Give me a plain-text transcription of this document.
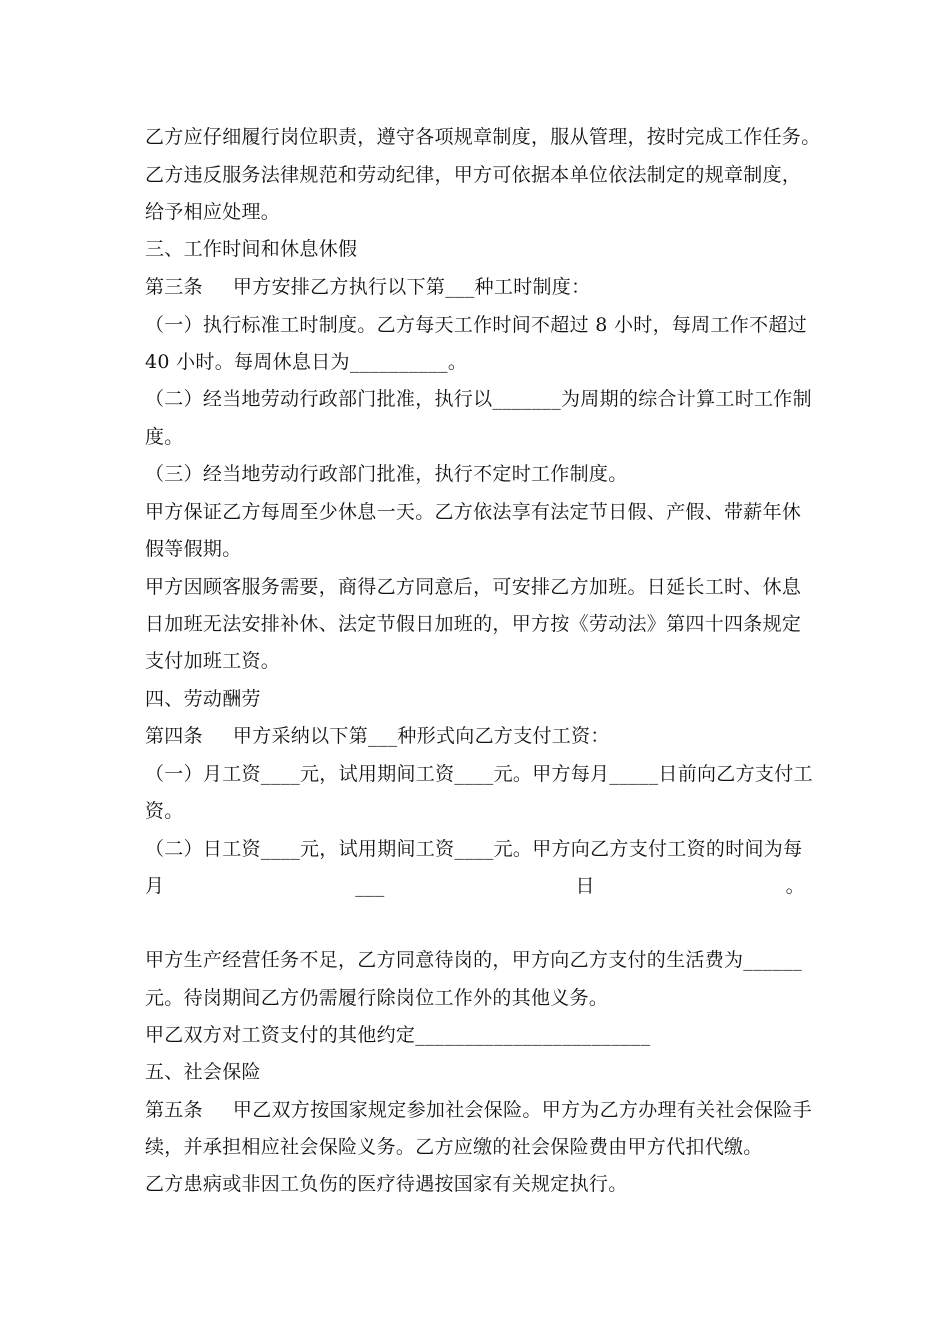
乙方应仔细履行岗位职责，遵守各项规章制度，服从管理，按时完成工作任务。
乙方违反服务法律规范和劳动纪律，甲方可依据本单位依法制定的规章制度，
给予相应处理。
三、工作时间和休息休假
第三条 甲方安排乙方执行以下第___种工时制度：
（一）执行标准工时制度。乙方每天工作时间不超过 8 小时，每周工作不超过
40 小时。每周休息日为__________。
（二）经当地劳动行政部门批准，执行以_______为周期的综合计算工时工作制
度。
（三）经当地劳动行政部门批准，执行不定时工作制度。
甲方保证乙方每周至少休息一天。乙方依法享有法定节日假、产假、带薪年休
假等假期。
甲方因顾客服务需要，商得乙方同意后，可安排乙方加班。日延长工时、休息
日加班无法安排补休、法定节假日加班的，甲方按《劳动法》第四十四条规定
支付加班工资。
四、劳动酬劳
第四条 甲方采纳以下第___种形式向乙方支付工资：
（一）月工资____元，试用期间工资____元。甲方每月_____日前向乙方支付工
资。
（二）日工资____元，试用期间工资____元。甲方向乙方支付工资的时间为每
月	___	日	。
甲方生产经营任务不足，乙方同意待岗的，甲方向乙方支付的生活费为______
元。待岗期间乙方仍需履行除岗位工作外的其他义务。
甲乙双方对工资支付的其他约定________________________
五、社会保险
第五条 甲乙双方按国家规定参加社会保险。甲方为乙方办理有关社会保险手
续，并承担相应社会保险义务。乙方应缴的社会保险费由甲方代扣代缴。
乙方患病或非因工负伤的医疗待遇按国家有关规定执行。
